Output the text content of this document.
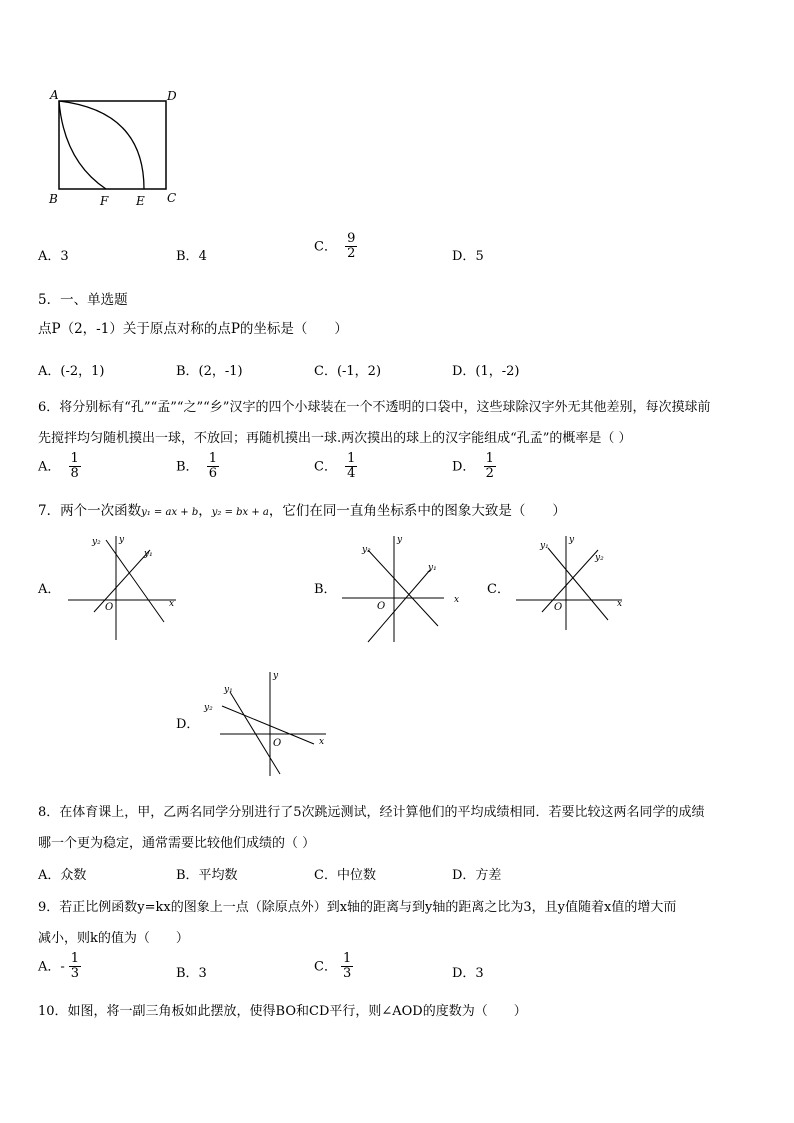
A	D
B	F E C
A．3	B．4
C． $\frac{9}{2}$	D．5
5．一、单选题
点P（2，-1）关于原点对称的点P的坐标是（　　）
A．(-2，1)	B．(2，-1)	C．(-1，2)	D．(1，-2)
6．将分别标有“孔”“孟”“之”“乡”汉字的四个小球装在一个不透明的口袋中，这些球除汉字外无其他差别，每次摸球前
先搅拌均匀随机摸出一球，不放回；再随机摸出一球.两次摸出的球上的汉字能组成“孔孟”的概率是（ ）
A． $\frac{1}{8}$	B． $\frac{1}{6}$	C． $\frac{1}{4}$	D． $\frac{1}{2}$
7．两个一次函数y₁ = ax + b，y₂ = bx + a，它们在同一直角坐标系中的图象大致是（　　）
A．
y₂ y
y₁
O	x
B．
y₂
y
y₁
O
x
C．
y₁
y
y₂
O	x
D．
y₁
y
y₂
O	x
8．在体育课上，甲，乙两名同学分别进行了5次跳远测试，经计算他们的平均成绩相同．若要比较这两名同学的成绩
哪一个更为稳定，通常需要比较他们成绩的（ ）
A．众数	B．平均数	C．中位数	D．方差
9．若正比例函数y=kx的图象上一点（除原点外）到x轴的距离与到y轴的距离之比为3，且y值随着x值的增大而
减小，则k的值为（　　）
A．- $\frac{1}{3}$	B．3	C． $\frac{1}{3}$	D．3
10．如图，将一副三角板如此摆放，使得BO和CD平行，则∠AOD的度数为（　　）
